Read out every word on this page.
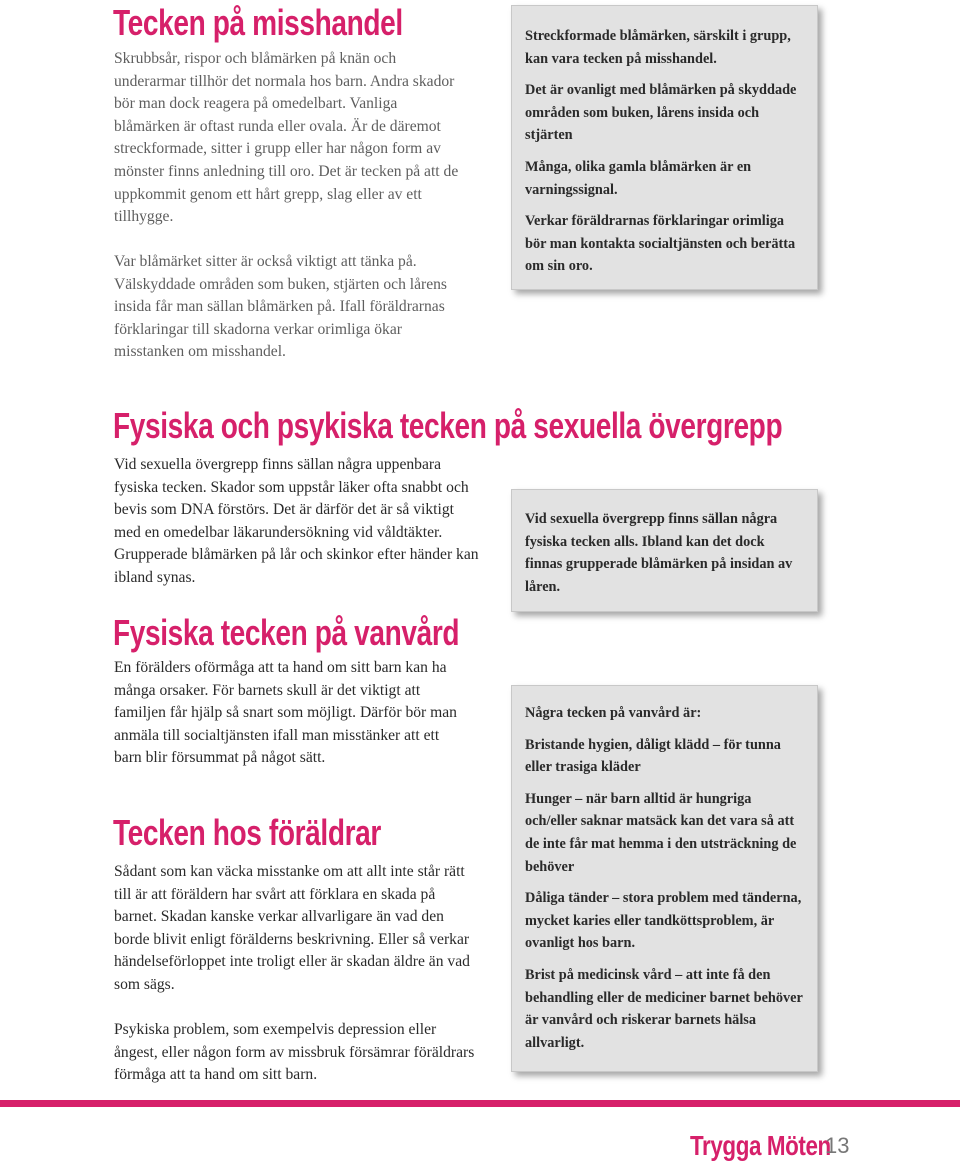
Tecken på misshandel

Skrubbsår, rispor och blåmärken på knän och underarmar tillhör det normala hos barn. Andra skador bör man dock reagera på omedelbart. Vanliga blåmärken är oftast runda eller ovala. Är de däremot streckformade, sitter i grupp eller har någon form av mönster finns anledning till oro. Det är tecken på att de uppkommit genom ett hårt grepp, slag eller av ett tillhygge.

Var blåmärket sitter är också viktigt att tänka på. Välskyddade områden som buken, stjärten och lårens insida får man sällan blåmärken på. Ifall föräldrarnas förklaringar till skadorna verkar orimliga ökar misstanken om misshandel.

Streckformade blåmärken, särskilt i grupp, kan vara tecken på misshandel.

Det är ovanligt med blåmärken på skyddade områden som buken, lårens insida och stjärten

Många, olika gamla blåmärken är en varningssignal.

Verkar föräldrarnas förklaringar orimliga bör man kontakta socialtjänsten och berätta om sin oro.

Fysiska och psykiska tecken på sexuella övergrepp

Vid sexuella övergrepp finns sällan några uppenbara fysiska tecken. Skador som uppstår läker ofta snabbt och bevis som DNA förstörs. Det är därför det är så viktigt med en omedelbar läkarundersökning vid våldtäkter. Grupperade blåmärken på lår och skinkor efter händer kan ibland synas.

Vid sexuella övergrepp finns sällan några fysiska tecken alls. Ibland kan det dock finnas grupperade blåmärken på insidan av låren.

Fysiska tecken på vanvård

En förälders oförmåga att ta hand om sitt barn kan ha många orsaker. För barnets skull är det viktigt att familjen får hjälp så snart som möjligt. Därför bör man anmäla till socialtjänsten ifall man misstänker att ett barn blir försummat på något sätt.

Några tecken på vanvård är:

Bristande hygien, dåligt klädd – för tunna eller trasiga kläder

Hunger – när barn alltid är hungriga och/eller saknar matsäck kan det vara så att de inte får mat hemma i den utsträckning de behöver

Dåliga tänder – stora problem med tänderna, mycket karies eller tandköttsproblem, är ovanligt hos barn.

Brist på medicinsk vård – att inte få den behandling eller de mediciner barnet behöver är vanvård och riskerar barnets hälsa allvarligt.

Tecken hos föräldrar

Sådant som kan väcka misstanke om att allt inte står rätt till är att föräldern har svårt att förklara en skada på barnet. Skadan kanske verkar allvarligare än vad den borde blivit enligt förälderns beskrivning. Eller så verkar händelseförloppet inte troligt eller är skadan äldre än vad som sägs.

Psykiska problem, som exempelvis depression eller ångest, eller någon form av missbruk försämrar föräldrars förmåga att ta hand om sitt barn.

Trygga Möten

13
